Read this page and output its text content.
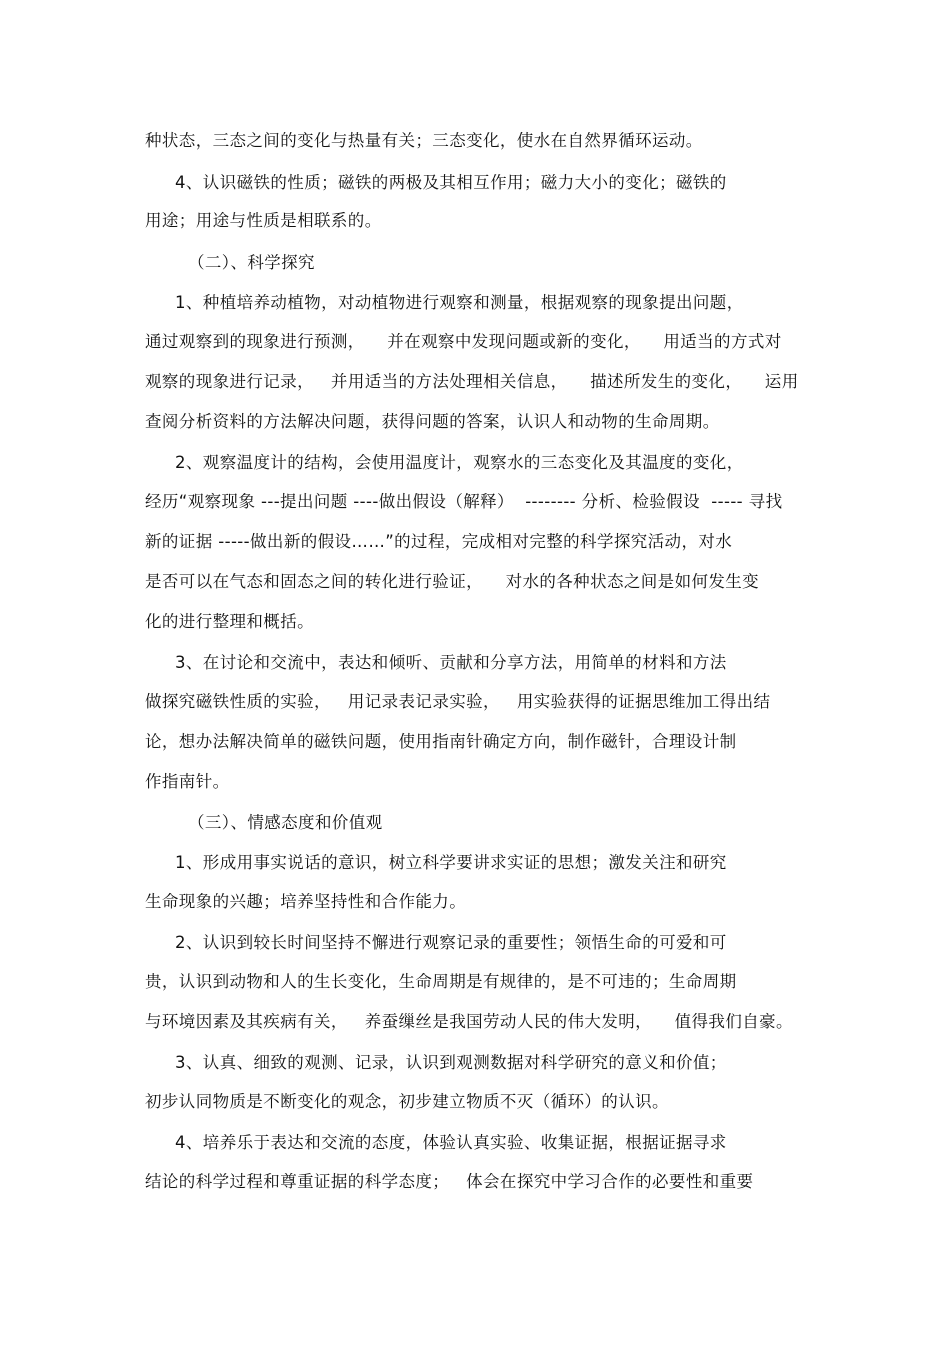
种状态，三态之间的变化与热量有关；三态变化，使水在自然界循环运动。
4、认识磁铁的性质；磁铁的两极及其相互作用；磁力大小的变化；磁铁的
用途；用途与性质是相联系的。
（二）、科学探究
1、种植培养动植物，对动植物进行观察和测量，根据观察的现象提出问题，
通过观察到的现象进行预测，    并在观察中发现问题或新的变化，    用适当的方式对
观察的现象进行记录，   并用适当的方法处理相关信息，    描述所发生的变化，    运用
查阅分析资料的方法解决问题，获得问题的答案，认识人和动物的生命周期。
2、观察温度计的结构，会使用温度计，观察水的三态变化及其温度的变化，
经历“观察现象 ---提出问题 ----做出假设（解释）  -------- 分析、检验假设  ----- 寻找
新的证据 -----做出新的假设……”的过程，完成相对完整的科学探究活动，对水
是否可以在气态和固态之间的转化进行验证，    对水的各种状态之间是如何发生变
化的进行整理和概括。
3、在讨论和交流中，表达和倾听、贡献和分享方法，用简单的材料和方法
做探究磁铁性质的实验，   用记录表记录实验，   用实验获得的证据思维加工得出结
论，想办法解决简单的磁铁问题，使用指南针确定方向，制作磁针，合理设计制
作指南针。
（三）、情感态度和价值观
1、形成用事实说话的意识，树立科学要讲求实证的思想；激发关注和研究
生命现象的兴趣；培养坚持性和合作能力。
2、认识到较长时间坚持不懈进行观察记录的重要性；领悟生命的可爱和可
贵，认识到动物和人的生长变化，生命周期是有规律的，是不可违的；生命周期
与环境因素及其疾病有关，   养蚕缫丝是我国劳动人民的伟大发明，    值得我们自豪。
3、认真、细致的观测、记录，认识到观测数据对科学研究的意义和价值；
初步认同物质是不断变化的观念，初步建立物质不灭（循环）的认识。
4、培养乐于表达和交流的态度，体验认真实验、收集证据，根据证据寻求
结论的科学过程和尊重证据的科学态度；   体会在探究中学习合作的必要性和重要
